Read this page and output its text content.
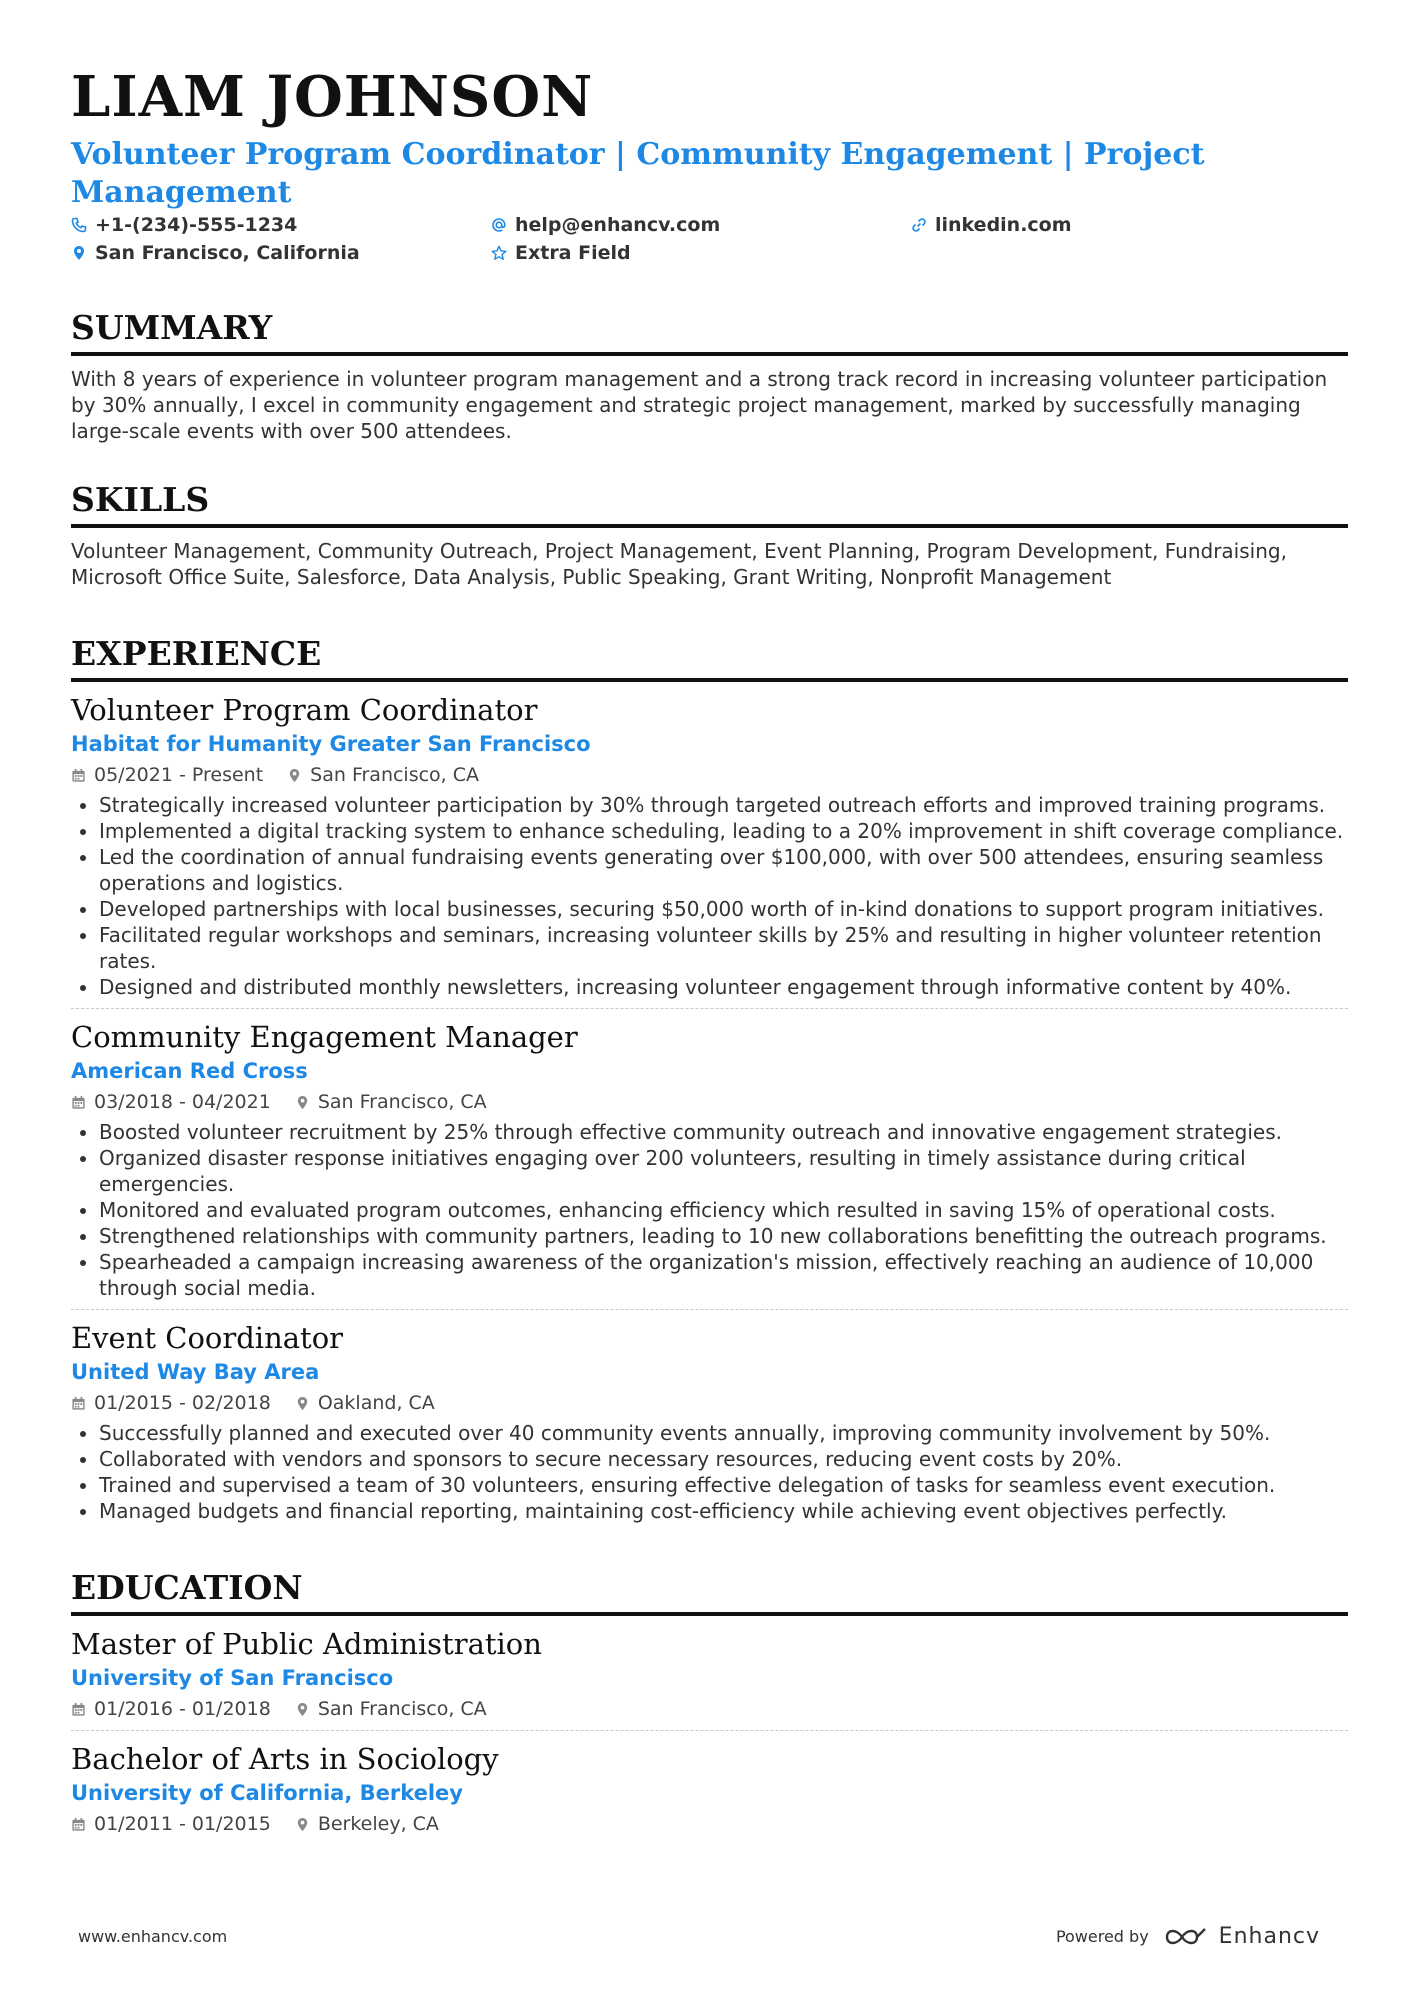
LIAM JOHNSON
Volunteer Program Coordinator | Community Engagement | Project Management
+1-(234)-555-1234	help@enhancv.com	linkedin.com
San Francisco, California	Extra Field
SUMMARY
With 8 years of experience in volunteer program management and a strong track record in increasing volunteer participation by 30% annually, I excel in community engagement and strategic project management, marked by successfully managing large-scale events with over 500 attendees.
SKILLS
Volunteer Management, Community Outreach, Project Management, Event Planning, Program Development, Fundraising, Microsoft Office Suite, Salesforce, Data Analysis, Public Speaking, Grant Writing, Nonprofit Management
EXPERIENCE
Volunteer Program Coordinator
Habitat for Humanity Greater San Francisco
05/2021 - Present San Francisco, CA
• Strategically increased volunteer participation by 30% through targeted outreach efforts and improved training programs.
• Implemented a digital tracking system to enhance scheduling, leading to a 20% improvement in shift coverage compliance.
• Led the coordination of annual fundraising events generating over $100,000, with over 500 attendees, ensuring seamless operations and logistics.
• Developed partnerships with local businesses, securing $50,000 worth of in-kind donations to support program initiatives.
• Facilitated regular workshops and seminars, increasing volunteer skills by 25% and resulting in higher volunteer retention rates.
• Designed and distributed monthly newsletters, increasing volunteer engagement through informative content by 40%.
Community Engagement Manager
American Red Cross
03/2018 - 04/2021 San Francisco, CA
• Boosted volunteer recruitment by 25% through effective community outreach and innovative engagement strategies.
• Organized disaster response initiatives engaging over 200 volunteers, resulting in timely assistance during critical emergencies.
• Monitored and evaluated program outcomes, enhancing efficiency which resulted in saving 15% of operational costs.
• Strengthened relationships with community partners, leading to 10 new collaborations benefitting the outreach programs.
• Spearheaded a campaign increasing awareness of the organization's mission, effectively reaching an audience of 10,000 through social media.
Event Coordinator
United Way Bay Area
01/2015 - 02/2018 Oakland, CA
• Successfully planned and executed over 40 community events annually, improving community involvement by 50%.
• Collaborated with vendors and sponsors to secure necessary resources, reducing event costs by 20%.
• Trained and supervised a team of 30 volunteers, ensuring effective delegation of tasks for seamless event execution.
• Managed budgets and financial reporting, maintaining cost-efficiency while achieving event objectives perfectly.
EDUCATION
Master of Public Administration
University of San Francisco
01/2016 - 01/2018 San Francisco, CA
Bachelor of Arts in Sociology
University of California, Berkeley
01/2011 - 01/2015 Berkeley, CA
www.enhancv.com	Powered by	Enhancv
